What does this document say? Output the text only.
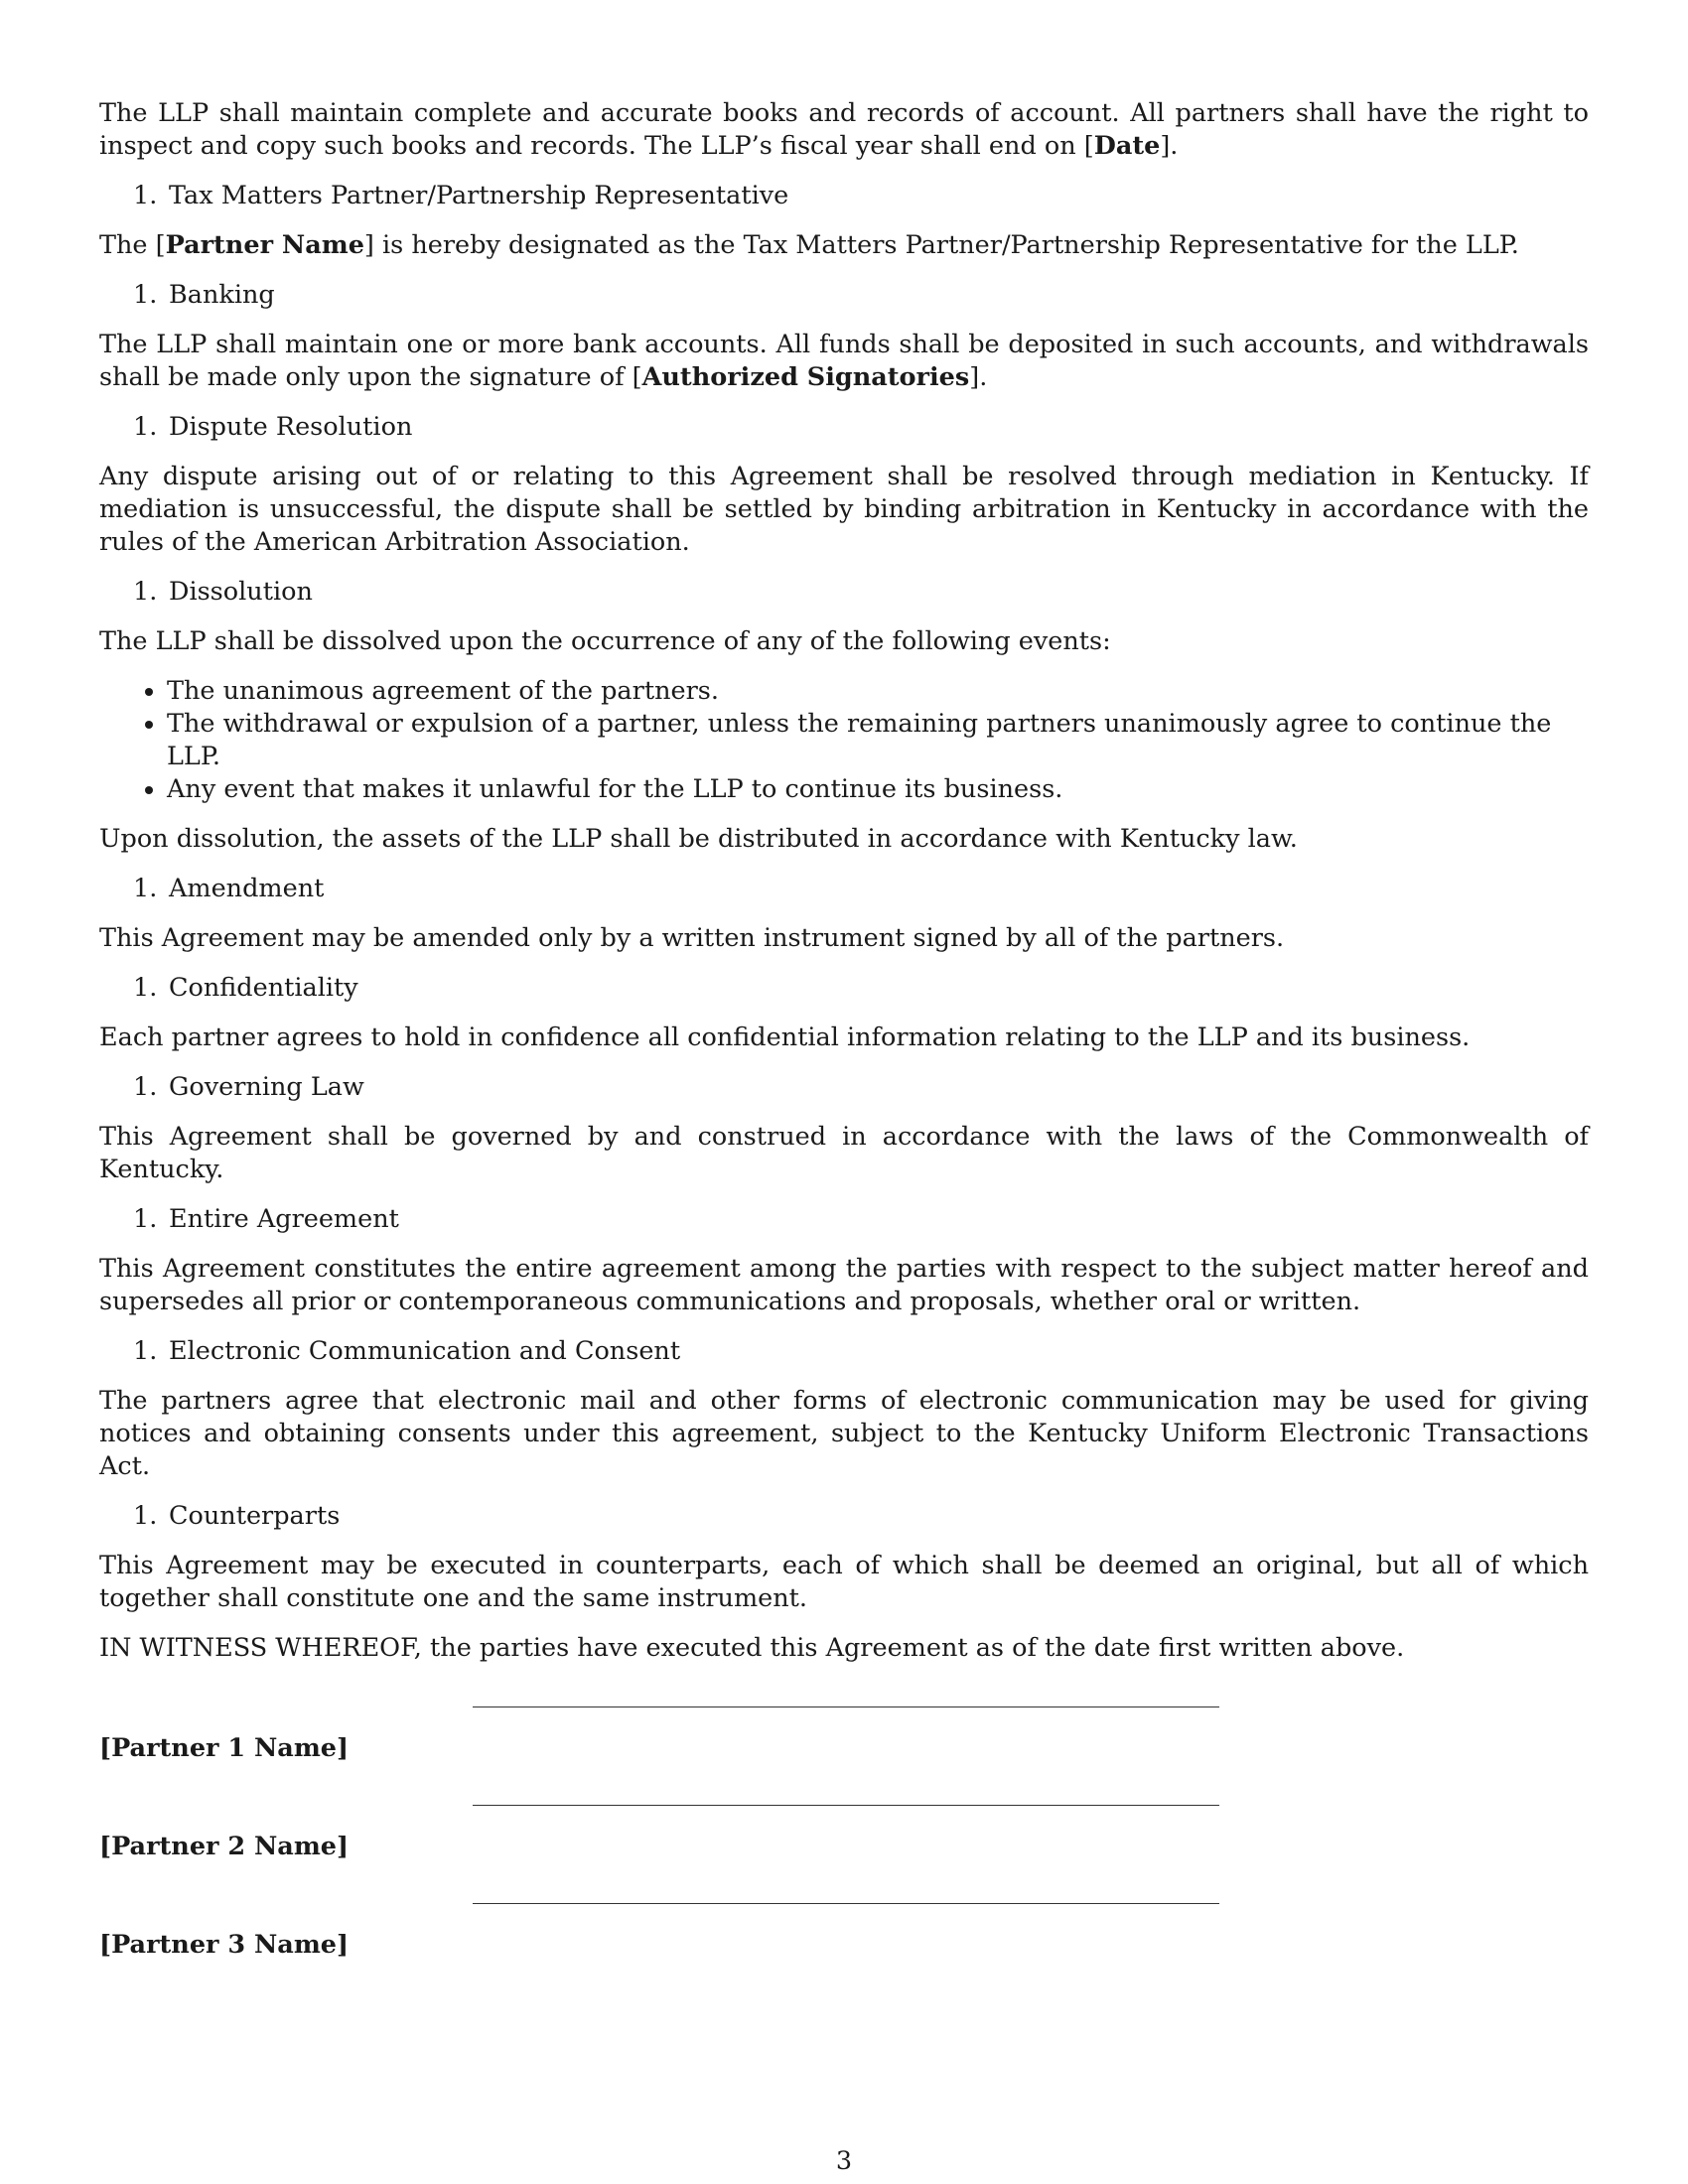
The LLP shall maintain complete and accurate books and records of account. All partners shall have the right to inspect and copy such books and records. The LLP’s fiscal year shall end on [Date].

1. Tax Matters Partner/Partnership Representative

The [Partner Name] is hereby designated as the Tax Matters Partner/Partnership Representative for the LLP.

1. Banking

The LLP shall maintain one or more bank accounts. All funds shall be deposited in such accounts, and withdrawals shall be made only upon the signature of [Authorized Signatories].

1. Dispute Resolution

Any dispute arising out of or relating to this Agreement shall be resolved through mediation in Kentucky. If mediation is unsuccessful, the dispute shall be settled by binding arbitration in Kentucky in accordance with the rules of the American Arbitration Association.

1. Dissolution

The LLP shall be dissolved upon the occurrence of any of the following events:

• The unanimous agreement of the partners.
• The withdrawal or expulsion of a partner, unless the remaining partners unanimously agree to continue the LLP.
• Any event that makes it unlawful for the LLP to continue its business.

Upon dissolution, the assets of the LLP shall be distributed in accordance with Kentucky law.

1. Amendment

This Agreement may be amended only by a written instrument signed by all of the partners.

1. Confidentiality

Each partner agrees to hold in confidence all confidential information relating to the LLP and its business.

1. Governing Law

This Agreement shall be governed by and construed in accordance with the laws of the Commonwealth of Kentucky.

1. Entire Agreement

This Agreement constitutes the entire agreement among the parties with respect to the subject matter hereof and supersedes all prior or contemporaneous communications and proposals, whether oral or written.

1. Electronic Communication and Consent

The partners agree that electronic mail and other forms of electronic communication may be used for giving notices and obtaining consents under this agreement, subject to the Kentucky Uniform Electronic Transactions Act.

1. Counterparts

This Agreement may be executed in counterparts, each of which shall be deemed an original, but all of which together shall constitute one and the same instrument.

IN WITNESS WHEREOF, the parties have executed this Agreement as of the date first written above.

[Partner 1 Name]
[Partner 2 Name]
[Partner 3 Name]
3
